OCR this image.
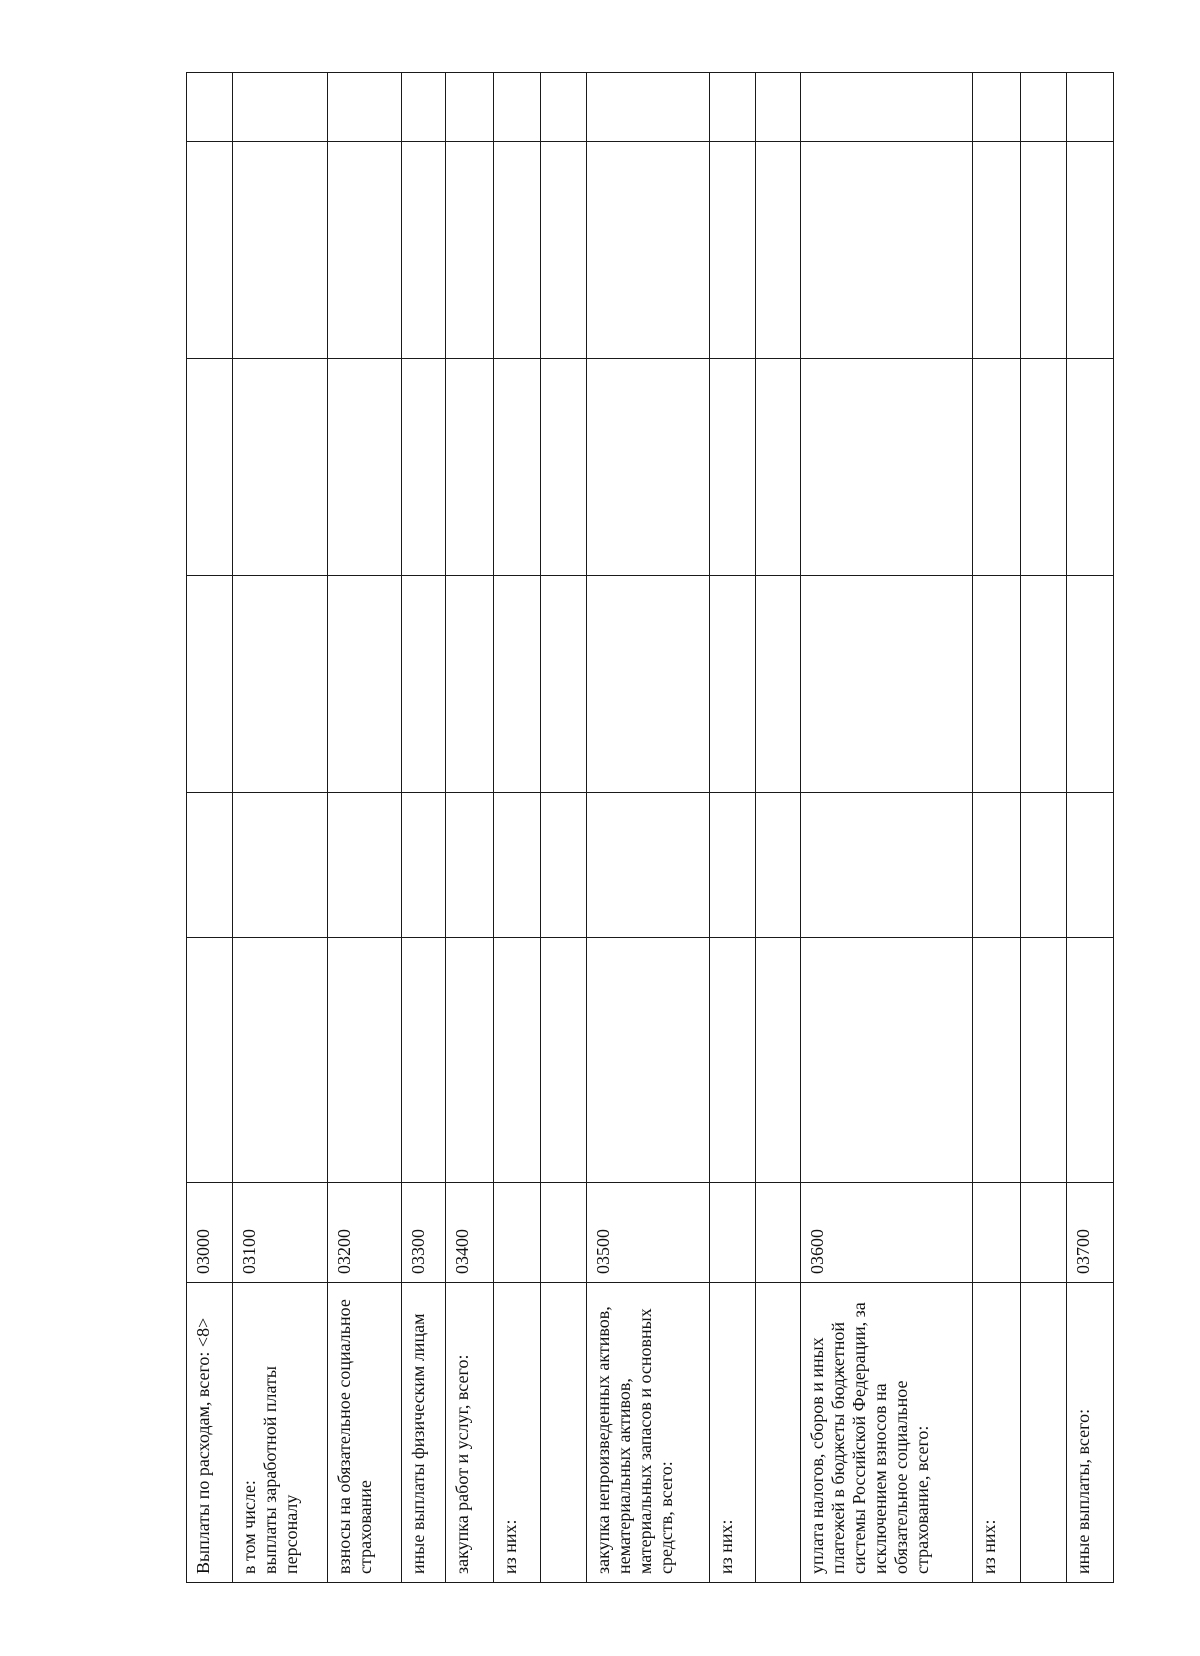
Выплаты по расходам, всего: <8>	03000						
в том числе:
выплаты заработной платы персоналу	03100						
взносы на обязательное социальное страхование	03200						
иные выплаты физическим лицам	03300						
закупка работ и услуг, всего:	03400						
из них:							

закупка непроизведенных активов, нематериальных активов, материальных запасов и основных средств, всего:	03500						
из них:							

уплата налогов, сборов и иных платежей в бюджеты бюджетной системы Российской Федерации, за исключением взносов на обязательное социальное страхование, всего:	03600						
из них:							

иные выплаты, всего:	03700						
